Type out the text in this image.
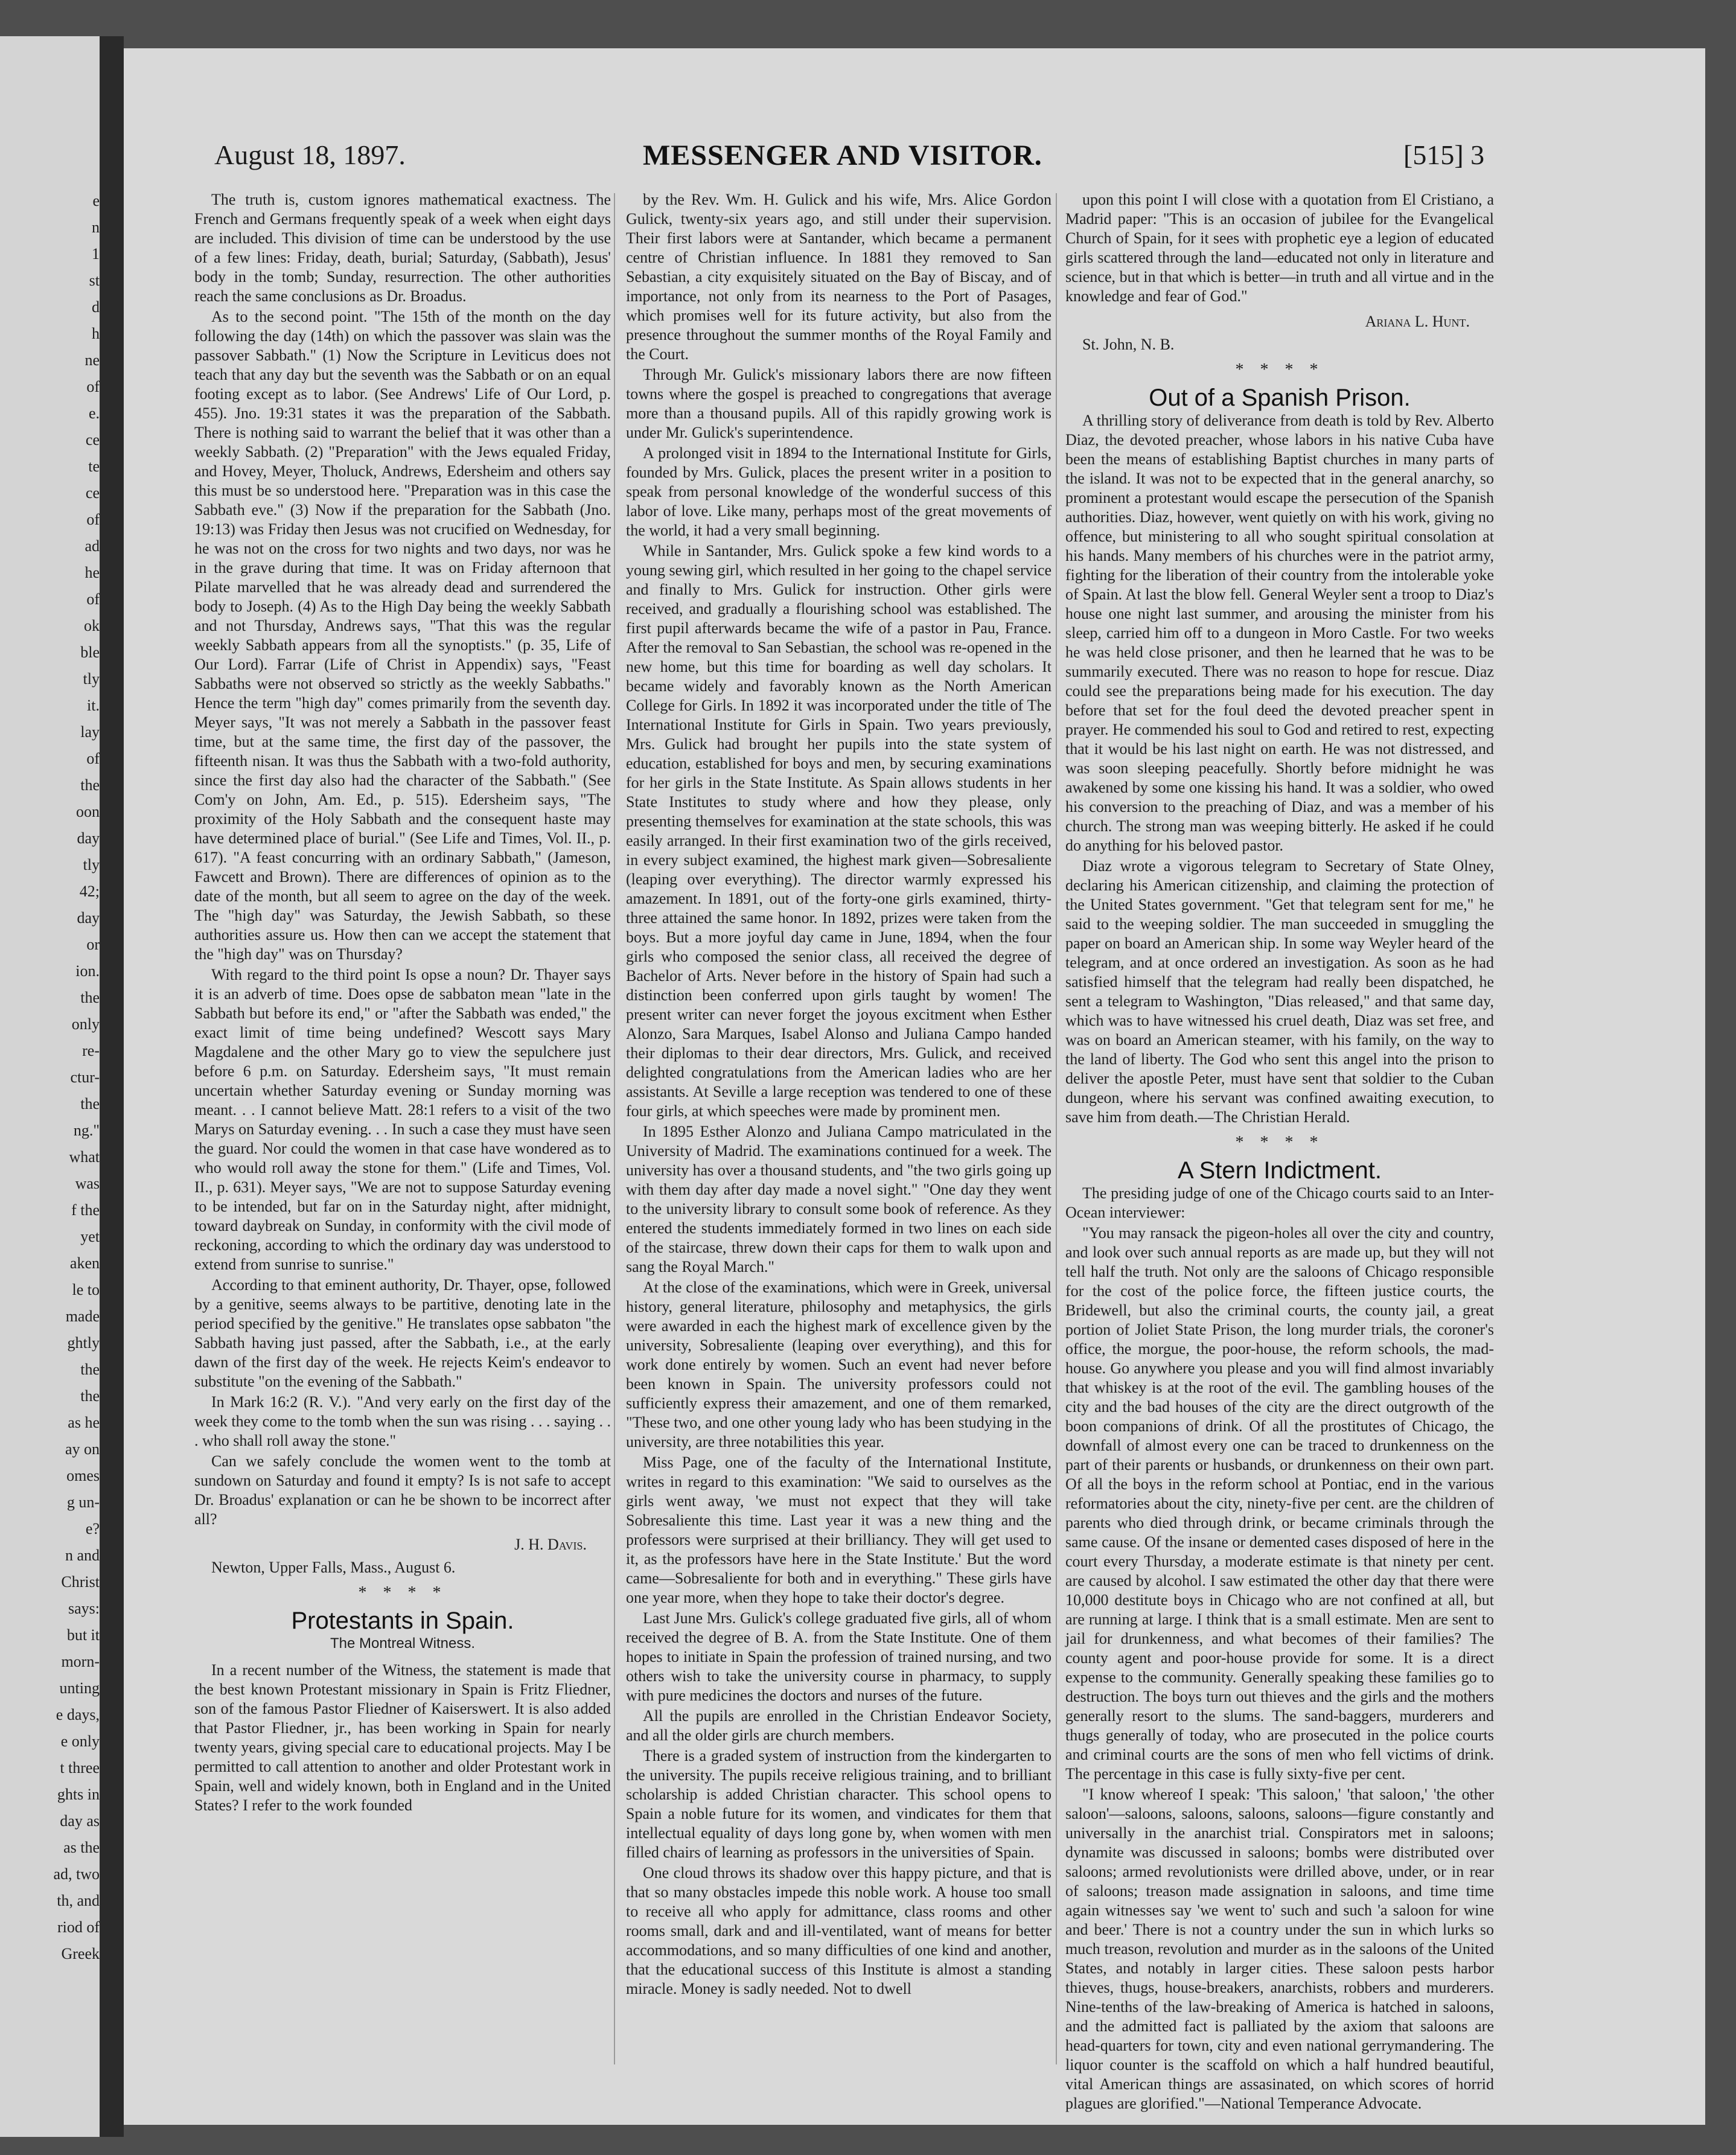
e
n
1
st
d
h
ne
of
e.
ce
te
ce
of
ad
he
of
ok
ble
tly
it.
lay
of
the
oon
day
tly
42;
day
or
ion.
the
only
re-
ctur-
the
ng."
what
was
f the
yet
aken
le to
made
ghtly
the
the
as he
ay on
omes
g un-
e?
n and
Christ
says:
but it
morn-
unting
e days,
e only
t three
ghts in
day as
as the
ad, two
th, and
riod of
Greek
August 18, 1897.	MESSENGER AND VISITOR.	[515] 3

The truth is, custom ignores mathematical exactness. The French and Germans frequently speak of a week when eight days are included. This division of time can be understood by the use of a few lines: Friday, death, burial; Saturday, (Sabbath), Jesus' body in the tomb; Sunday, resurrection. The other authorities reach the same conclusions as Dr. Broadus.

As to the second point. "The 15th of the month on the day following the day (14th) on which the passover was slain was the passover Sabbath." (1) Now the Scripture in Leviticus does not teach that any day but the seventh was the Sabbath or on an equal footing except as to labor. (See Andrews' Life of Our Lord, p. 455). Jno. 19:31 states it was the preparation of the Sabbath. There is nothing said to warrant the belief that it was other than a weekly Sabbath. (2) "Preparation" with the Jews equaled Friday, and Hovey, Meyer, Tholuck, Andrews, Edersheim and others say this must be so understood here. "Preparation was in this case the Sabbath eve." (3) Now if the preparation for the Sabbath (Jno. 19:13) was Friday then Jesus was not crucified on Wednesday, for he was not on the cross for two nights and two days, nor was he in the grave during that time. It was on Friday afternoon that Pilate marvelled that he was already dead and surrendered the body to Joseph. (4) As to the High Day being the weekly Sabbath and not Thursday, Andrews says, "That this was the regular weekly Sabbath appears from all the synoptists." (p. 35, Life of Our Lord). Farrar (Life of Christ in Appendix) says, "Feast Sabbaths were not observed so strictly as the weekly Sabbaths." Hence the term "high day" comes primarily from the seventh day. Meyer says, "It was not merely a Sabbath in the passover feast time, but at the same time, the first day of the passover, the fifteenth nisan. It was thus the Sabbath with a two-fold authority, since the first day also had the character of the Sabbath." (See Com'y on John, Am. Ed., p. 515). Edersheim says, "The proximity of the Holy Sabbath and the consequent haste may have determined place of burial." (See Life and Times, Vol. II., p. 617). "A feast concurring with an ordinary Sabbath," (Jameson, Fawcett and Brown). There are differences of opinion as to the date of the month, but all seem to agree on the day of the week. The "high day" was Saturday, the Jewish Sabbath, so these authorities assure us. How then can we accept the statement that the "high day" was on Thursday?

With regard to the third point Is opse a noun? Dr. Thayer says it is an adverb of time. Does opse de sabbaton mean "late in the Sabbath but before its end," or "after the Sabbath was ended," the exact limit of time being undefined? Wescott says Mary Magdalene and the other Mary go to view the sepulchere just before 6 p.m. on Saturday. Edersheim says, "It must remain uncertain whether Saturday evening or Sunday morning was meant. . . I cannot believe Matt. 28:1 refers to a visit of the two Marys on Saturday evening. . . In such a case they must have seen the guard. Nor could the women in that case have wondered as to who would roll away the stone for them." (Life and Times, Vol. II., p. 631). Meyer says, "We are not to suppose Saturday evening to be intended, but far on in the Saturday night, after midnight, toward daybreak on Sunday, in conformity with the civil mode of reckoning, according to which the ordinary day was understood to extend from sunrise to sunrise."

According to that eminent authority, Dr. Thayer, opse, followed by a genitive, seems always to be partitive, denoting late in the period specified by the genitive." He translates opse sabbaton "the Sabbath having just passed, after the Sabbath, i.e., at the early dawn of the first day of the week. He rejects Keim's endeavor to substitute "on the evening of the Sabbath."

In Mark 16:2 (R. V.). "And very early on the first day of the week they come to the tomb when the sun was rising . . . saying . . . who shall roll away the stone."

Can we safely conclude the women went to the tomb at sundown on Saturday and found it empty? Is is not safe to accept Dr. Broadus' explanation or can he be shown to be incorrect after all?

J. H. Davis.
Newton, Upper Falls, Mass., August 6.
* * * *
Protestants in Spain.
The Montreal Witness.

In a recent number of the Witness, the statement is made that the best known Protestant missionary in Spain is Fritz Fliedner, son of the famous Pastor Fliedner of Kaiserswert. It is also added that Pastor Fliedner, jr., has been working in Spain for nearly twenty years, giving special care to educational projects. May I be permitted to call attention to another and older Protestant work in Spain, well and widely known, both in England and in the United States? I refer to the work founded

by the Rev. Wm. H. Gulick and his wife, Mrs. Alice Gordon Gulick, twenty-six years ago, and still under their supervision. Their first labors were at Santander, which became a permanent centre of Christian influence. In 1881 they removed to San Sebastian, a city exquisitely situated on the Bay of Biscay, and of importance, not only from its nearness to the Port of Pasages, which promises well for its future activity, but also from the presence throughout the summer months of the Royal Family and the Court.

Through Mr. Gulick's missionary labors there are now fifteen towns where the gospel is preached to congregations that average more than a thousand pupils. All of this rapidly growing work is under Mr. Gulick's superintendence.

A prolonged visit in 1894 to the International Institute for Girls, founded by Mrs. Gulick, places the present writer in a position to speak from personal knowledge of the wonderful success of this labor of love. Like many, perhaps most of the great movements of the world, it had a very small beginning.

While in Santander, Mrs. Gulick spoke a few kind words to a young sewing girl, which resulted in her going to the chapel service and finally to Mrs. Gulick for instruction. Other girls were received, and gradually a flourishing school was established. The first pupil afterwards became the wife of a pastor in Pau, France. After the removal to San Sebastian, the school was re-opened in the new home, but this time for boarding as well day scholars. It became widely and favorably known as the North American College for Girls. In 1892 it was incorporated under the title of The International Institute for Girls in Spain. Two years previously, Mrs. Gulick had brought her pupils into the state system of education, established for boys and men, by securing examinations for her girls in the State Institute. As Spain allows students in her State Institutes to study where and how they please, only presenting themselves for examination at the state schools, this was easily arranged. In their first examination two of the girls received, in every subject examined, the highest mark given—Sobresaliente (leaping over everything). The director warmly expressed his amazement. In 1891, out of the forty-one girls examined, thirty-three attained the same honor. In 1892, prizes were taken from the boys. But a more joyful day came in June, 1894, when the four girls who composed the senior class, all received the degree of Bachelor of Arts. Never before in the history of Spain had such a distinction been conferred upon girls taught by women! The present writer can never forget the joyous excitment when Esther Alonzo, Sara Marques, Isabel Alonso and Juliana Campo handed their diplomas to their dear directors, Mrs. Gulick, and received delighted congratulations from the American ladies who are her assistants. At Seville a large reception was tendered to one of these four girls, at which speeches were made by prominent men.

In 1895 Esther Alonzo and Juliana Campo matriculated in the University of Madrid. The examinations continued for a week. The university has over a thousand students, and "the two girls going up with them day after day made a novel sight." "One day they went to the university library to consult some book of reference. As they entered the students immediately formed in two lines on each side of the staircase, threw down their caps for them to walk upon and sang the Royal March."

At the close of the examinations, which were in Greek, universal history, general literature, philosophy and metaphysics, the girls were awarded in each the highest mark of excellence given by the university, Sobresaliente (leaping over everything), and this for work done entirely by women. Such an event had never before been known in Spain. The university professors could not sufficiently express their amazement, and one of them remarked, "These two, and one other young lady who has been studying in the university, are three notabilities this year.

Miss Page, one of the faculty of the International Institute, writes in regard to this examination: "We said to ourselves as the girls went away, 'we must not expect that they will take Sobresaliente this time. Last year it was a new thing and the professors were surprised at their brilliancy. They will get used to it, as the professors have here in the State Institute.' But the word came—Sobresaliente for both and in everything." These girls have one year more, when they hope to take their doctor's degree.

Last June Mrs. Gulick's college graduated five girls, all of whom received the degree of B. A. from the State Institute. One of them hopes to initiate in Spain the profession of trained nursing, and two others wish to take the university course in pharmacy, to supply with pure medicines the doctors and nurses of the future.

All the pupils are enrolled in the Christian Endeavor Society, and all the older girls are church members.

There is a graded system of instruction from the kindergarten to the university. The pupils receive religious training, and to brilliant scholarship is added Christian character. This school opens to Spain a noble future for its women, and vindicates for them that intellectual equality of days long gone by, when women with men filled chairs of learning as professors in the universities of Spain.

One cloud throws its shadow over this happy picture, and that is that so many obstacles impede this noble work. A house too small to receive all who apply for admittance, class rooms and other rooms small, dark and and ill-ventilated, want of means for better accommodations, and so many difficulties of one kind and another, that the educational success of this Institute is almost a standing miracle. Money is sadly needed. Not to dwell

upon this point I will close with a quotation from El Cristiano, a Madrid paper: "This is an occasion of jubilee for the Evangelical Church of Spain, for it sees with prophetic eye a legion of educated girls scattered through the land—educated not only in literature and science, but in that which is better—in truth and all virtue and in the knowledge and fear of God."

Ariana L. Hunt.
St. John, N. B.
* * * *
Out of a Spanish Prison.

A thrilling story of deliverance from death is told by Rev. Alberto Diaz, the devoted preacher, whose labors in his native Cuba have been the means of establishing Baptist churches in many parts of the island. It was not to be expected that in the general anarchy, so prominent a protestant would escape the persecution of the Spanish authorities. Diaz, however, went quietly on with his work, giving no offence, but ministering to all who sought spiritual consolation at his hands. Many members of his churches were in the patriot army, fighting for the liberation of their country from the intolerable yoke of Spain. At last the blow fell. General Weyler sent a troop to Diaz's house one night last summer, and arousing the minister from his sleep, carried him off to a dungeon in Moro Castle. For two weeks he was held close prisoner, and then he learned that he was to be summarily executed. There was no reason to hope for rescue. Diaz could see the preparations being made for his execution. The day before that set for the foul deed the devoted preacher spent in prayer. He commended his soul to God and retired to rest, expecting that it would be his last night on earth. He was not distressed, and was soon sleeping peacefully. Shortly before midnight he was awakened by some one kissing his hand. It was a soldier, who owed his conversion to the preaching of Diaz, and was a member of his church. The strong man was weeping bitterly. He asked if he could do anything for his beloved pastor.

Diaz wrote a vigorous telegram to Secretary of State Olney, declaring his American citizenship, and claiming the protection of the United States government. "Get that telegram sent for me," he said to the weeping soldier. The man succeeded in smuggling the paper on board an American ship. In some way Weyler heard of the telegram, and at once ordered an investigation. As soon as he had satisfied himself that the telegram had really been dispatched, he sent a telegram to Washington, "Dias released," and that same day, which was to have witnessed his cruel death, Diaz was set free, and was on board an American steamer, with his family, on the way to the land of liberty. The God who sent this angel into the prison to deliver the apostle Peter, must have sent that soldier to the Cuban dungeon, where his servant was confined awaiting execution, to save him from death.—The Christian Herald.

* * * *
A Stern Indictment.

The presiding judge of one of the Chicago courts said to an Inter-Ocean interviewer:

"You may ransack the pigeon-holes all over the city and country, and look over such annual reports as are made up, but they will not tell half the truth. Not only are the saloons of Chicago responsible for the cost of the police force, the fifteen justice courts, the Bridewell, but also the criminal courts, the county jail, a great portion of Joliet State Prison, the long murder trials, the coroner's office, the morgue, the poor-house, the reform schools, the mad-house. Go anywhere you please and you will find almost invariably that whiskey is at the root of the evil. The gambling houses of the city and the bad houses of the city are the direct outgrowth of the boon companions of drink. Of all the prostitutes of Chicago, the downfall of almost every one can be traced to drunkenness on the part of their parents or husbands, or drunkenness on their own part. Of all the boys in the reform school at Pontiac, end in the various reformatories about the city, ninety-five per cent. are the children of parents who died through drink, or became criminals through the same cause. Of the insane or demented cases disposed of here in the court every Thursday, a moderate estimate is that ninety per cent. are caused by alcohol. I saw estimated the other day that there were 10,000 destitute boys in Chicago who are not confined at all, but are running at large. I think that is a small estimate. Men are sent to jail for drunkenness, and what becomes of their families? The county agent and poor-house provide for some. It is a direct expense to the community. Generally speaking these families go to destruction. The boys turn out thieves and the girls and the mothers generally resort to the slums. The sand-baggers, murderers and thugs generally of today, who are prosecuted in the police courts and criminal courts are the sons of men who fell victims of drink. The percentage in this case is fully sixty-five per cent.

"I know whereof I speak: 'This saloon,' 'that saloon,' 'the other saloon'—saloons, saloons, saloons, saloons—figure constantly and universally in the anarchist trial. Conspirators met in saloons; dynamite was discussed in saloons; bombs were distributed over saloons; armed revolutionists were drilled above, under, or in rear of saloons; treason made assignation in saloons, and time time again witnesses say 'we went to' such and such 'a saloon for wine and beer.' There is not a country under the sun in which lurks so much treason, revolution and murder as in the saloons of the United States, and notably in larger cities. These saloon pests harbor thieves, thugs, house-breakers, anarchists, robbers and murderers. Nine-tenths of the law-breaking of America is hatched in saloons, and the admitted fact is palliated by the axiom that saloons are head-quarters for town, city and even national gerrymandering. The liquor counter is the scaffold on which a half hundred beautiful, vital American things are assasinated, on which scores of horrid plagues are glorified."—National Temperance Advocate.
